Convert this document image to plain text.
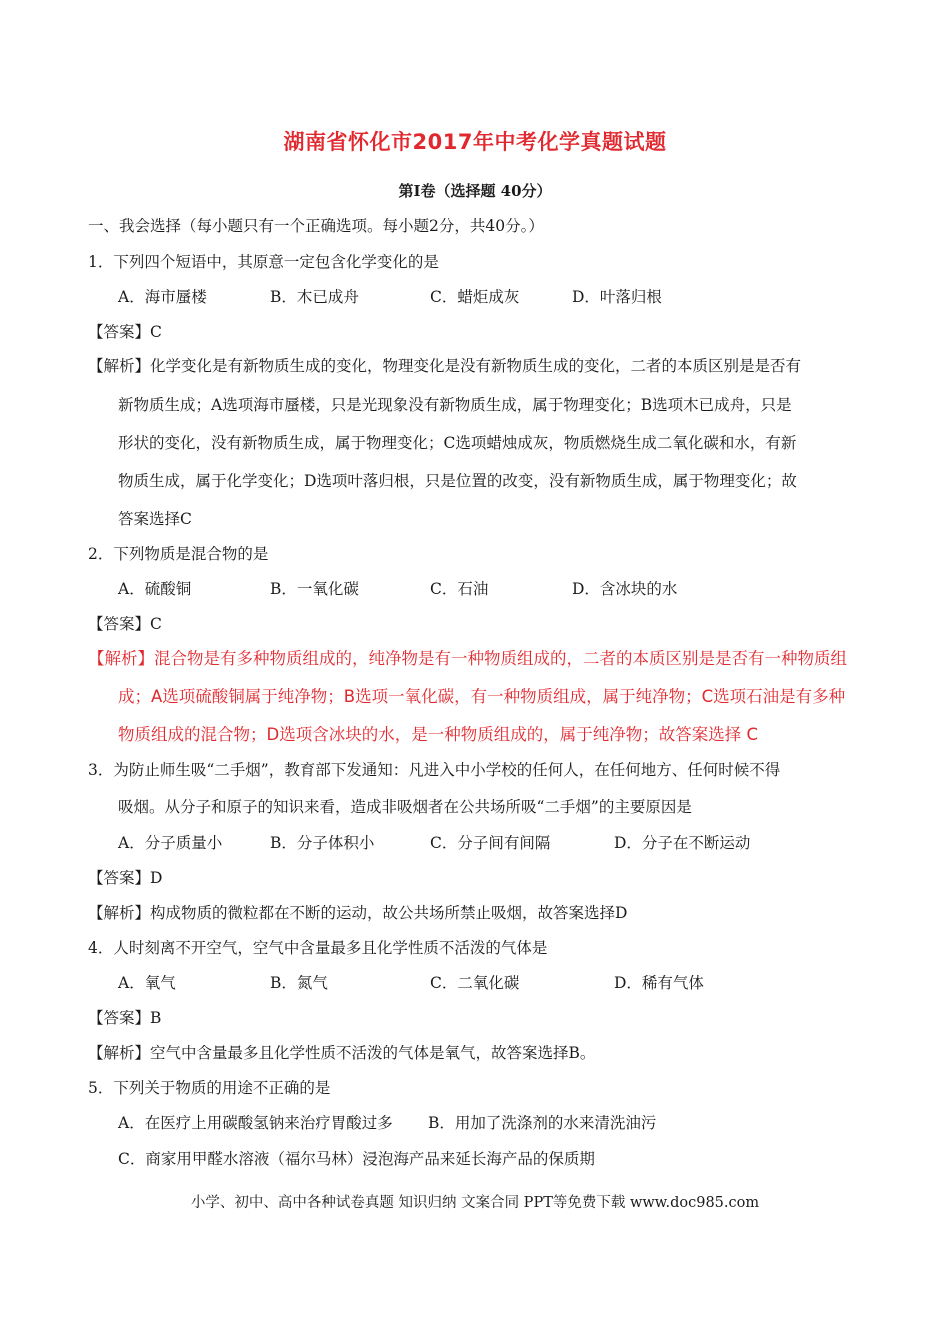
湖南省怀化市2017年中考化学真题试题
第Ⅰ卷（选择题 40分）
一、我会选择（每小题只有一个正确选项。每小题2分，共40分。）
1．下列四个短语中，其原意一定包含化学变化的是
A．海市蜃楼	B．木已成舟	C．蜡炬成灰	D．叶落归根
【答案】C
【解析】化学变化是有新物质生成的变化，物理变化是没有新物质生成的变化，二者的本质区别是是否有
新物质生成；A选项海市蜃楼，只是光现象没有新物质生成，属于物理变化；B选项木已成舟，只是
形状的变化，没有新物质生成，属于物理变化；C选项蜡烛成灰，物质燃烧生成二氧化碳和水，有新
物质生成，属于化学变化；D选项叶落归根，只是位置的改变，没有新物质生成，属于物理变化；故
答案选择C
2．下列物质是混合物的是
A．硫酸铜	B．一氧化碳	C．石油	D．含冰块的水
【答案】C
【解析】混合物是有多种物质组成的，纯净物是有一种物质组成的，二者的本质区别是是否有一种物质组
成；A选项硫酸铜属于纯净物；B选项一氧化碳，有一种物质组成，属于纯净物；C选项石油是有多种
物质组成的混合物；D选项含冰块的水，是一种物质组成的，属于纯净物；故答案选择 C
3．为防止师生吸“二手烟”，教育部下发通知：凡进入中小学校的任何人，在任何地方、任何时候不得
吸烟。从分子和原子的知识来看，造成非吸烟者在公共场所吸“二手烟”的主要原因是
A．分子质量小	B．分子体积小	C．分子间有间隔	D．分子在不断运动
【答案】D
【解析】构成物质的微粒都在不断的运动，故公共场所禁止吸烟，故答案选择D
4．人时刻离不开空气，空气中含量最多且化学性质不活泼的气体是
A．氧气	B．氮气	C．二氧化碳	D．稀有气体
【答案】B
【解析】空气中含量最多且化学性质不活泼的气体是氧气，故答案选择B。
5．下列关于物质的用途不正确的是
A．在医疗上用碳酸氢钠来治疗胃酸过多 B．用加了洗涤剂的水来清洗油污
C．商家用甲醛水溶液（福尔马林）浸泡海产品来延长海产品的保质期
小学、初中、高中各种试卷真题 知识归纳 文案合同 PPT等免费下载 www.doc985.com
